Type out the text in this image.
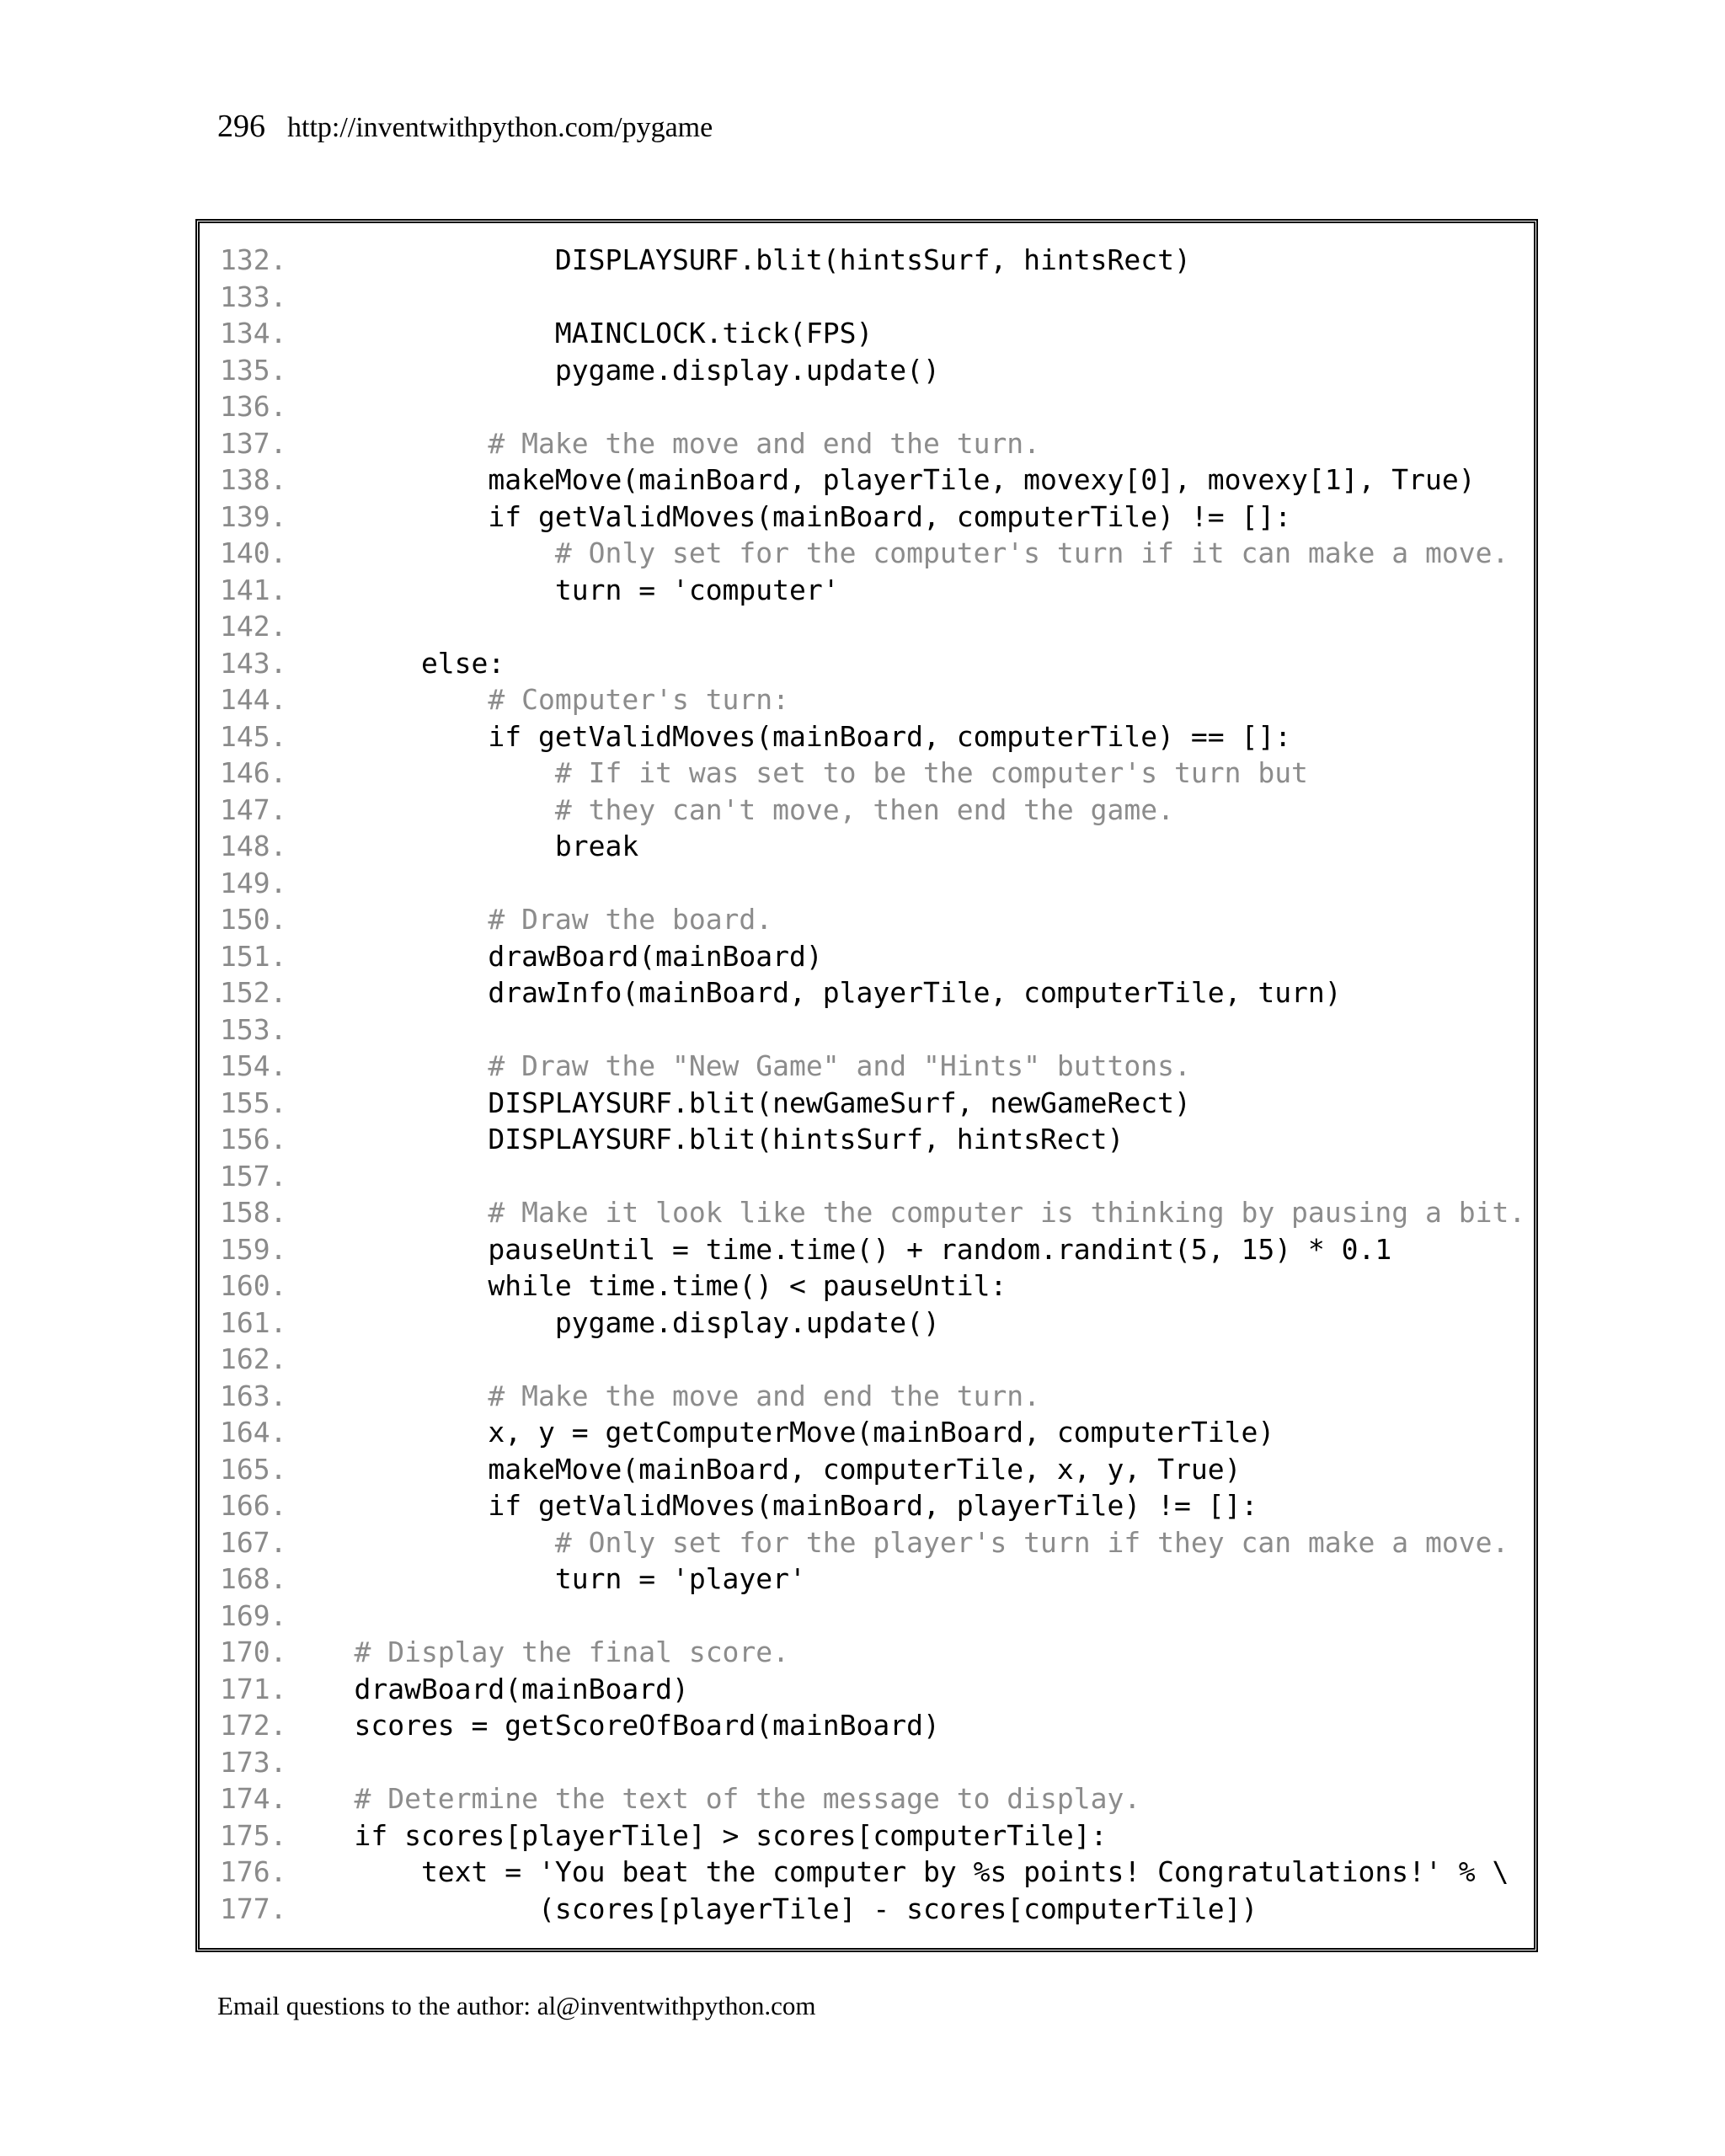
296 http://inventwithpython.com/pygame
132. DISPLAYSURF.blit(hintsSurf, hintsRect)
133.
134. MAINCLOCK.tick(FPS)
135. pygame.display.update()
136.
137. # Make the move and end the turn.
138. makeMove(mainBoard, playerTile, movexy[0], movexy[1], True)
139. if getValidMoves(mainBoard, computerTile) != []:
140. # Only set for the computer's turn if it can make a move.
141. turn = 'computer'
142.
143. else:
144. # Computer's turn:
145. if getValidMoves(mainBoard, computerTile) == []:
146. # If it was set to be the computer's turn but
147. # they can't move, then end the game.
148. break
149.
150. # Draw the board.
151. drawBoard(mainBoard)
152. drawInfo(mainBoard, playerTile, computerTile, turn)
153.
154. # Draw the "New Game" and "Hints" buttons.
155. DISPLAYSURF.blit(newGameSurf, newGameRect)
156. DISPLAYSURF.blit(hintsSurf, hintsRect)
157.
158. # Make it look like the computer is thinking by pausing a bit.
159. pauseUntil = time.time() + random.randint(5, 15) * 0.1
160. while time.time() < pauseUntil:
161. pygame.display.update()
162.
163. # Make the move and end the turn.
164. x, y = getComputerMove(mainBoard, computerTile)
165. makeMove(mainBoard, computerTile, x, y, True)
166. if getValidMoves(mainBoard, playerTile) != []:
167. # Only set for the player's turn if they can make a move.
168. turn = 'player'
169.
170. # Display the final score.
171. drawBoard(mainBoard)
172. scores = getScoreOfBoard(mainBoard)
173.
174. # Determine the text of the message to display.
175. if scores[playerTile] > scores[computerTile]:
176. text = 'You beat the computer by %s points! Congratulations!' % \
177. (scores[playerTile] - scores[computerTile])
Email questions to the author: al@inventwithpython.com
